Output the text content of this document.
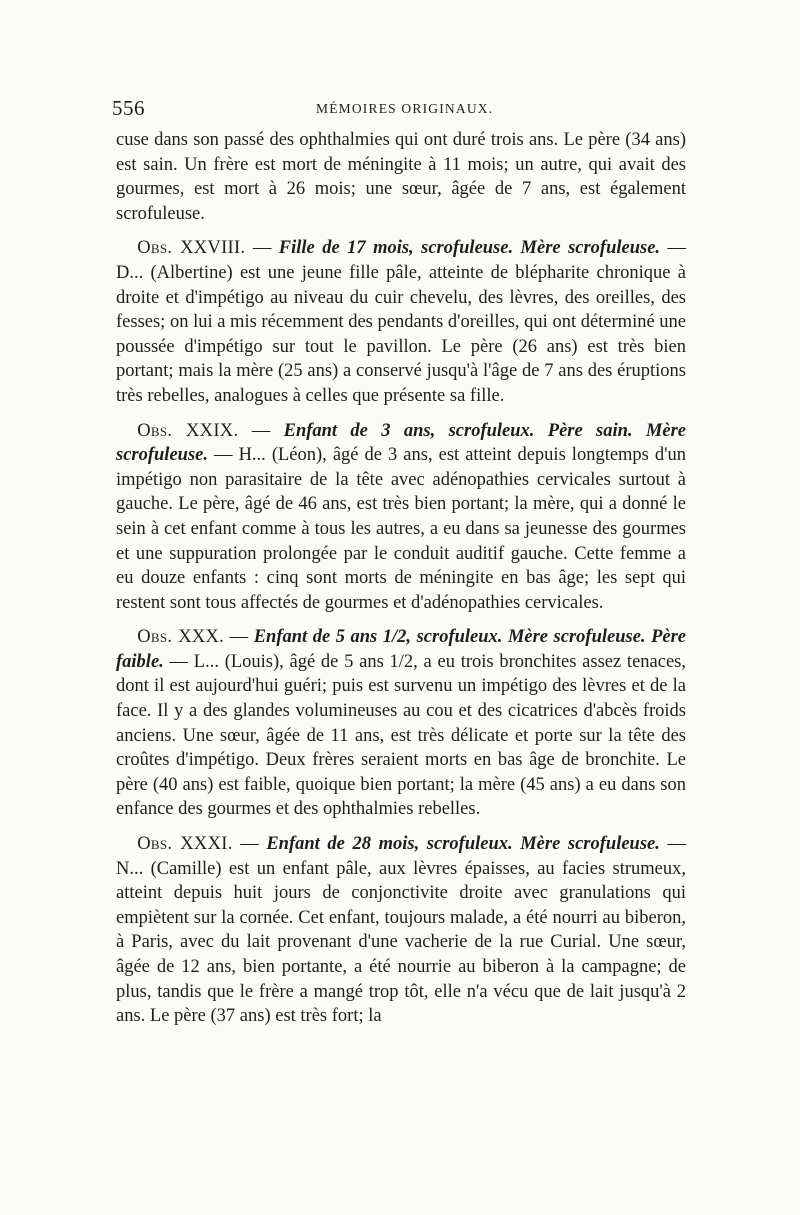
556	MÉMOIRES ORIGINAUX.

cuse dans son passé des ophthalmies qui ont duré trois ans. Le père (34 ans) est sain. Un frère est mort de méningite à 11 mois; un autre, qui avait des gourmes, est mort à 26 mois; une sœur, âgée de 7 ans, est également scrofuleuse.

Obs. XXVIII. — Fille de 17 mois, scrofuleuse. Mère scrofuleuse. — D... (Albertine) est une jeune fille pâle, atteinte de blépharite chronique à droite et d'impétigo au niveau du cuir chevelu, des lèvres, des oreilles, des fesses; on lui a mis récemment des pendants d'oreilles, qui ont déterminé une poussée d'impétigo sur tout le pavillon. Le père (26 ans) est très bien portant; mais la mère (25 ans) a conservé jusqu'à l'âge de 7 ans des éruptions très rebelles, analogues à celles que présente sa fille.

Obs. XXIX. — Enfant de 3 ans, scrofuleux. Père sain. Mère scrofuleuse. — H... (Léon), âgé de 3 ans, est atteint depuis longtemps d'un impétigo non parasitaire de la tête avec adénopathies cervicales surtout à gauche. Le père, âgé de 46 ans, est très bien portant; la mère, qui a donné le sein à cet enfant comme à tous les autres, a eu dans sa jeunesse des gourmes et une suppuration prolongée par le conduit auditif gauche. Cette femme a eu douze enfants : cinq sont morts de méningite en bas âge; les sept qui restent sont tous affectés de gourmes et d'adénopathies cervicales.

Obs. XXX. — Enfant de 5 ans 1/2, scrofuleux. Mère scrofuleuse. Père faible. — L... (Louis), âgé de 5 ans 1/2, a eu trois bronchites assez tenaces, dont il est aujourd'hui guéri; puis est survenu un impétigo des lèvres et de la face. Il y a des glandes volumineuses au cou et des cicatrices d'abcès froids anciens. Une sœur, âgée de 11 ans, est très délicate et porte sur la tête des croûtes d'impétigo. Deux frères seraient morts en bas âge de bronchite. Le père (40 ans) est faible, quoique bien portant; la mère (45 ans) a eu dans son enfance des gourmes et des ophthalmies rebelles.

Obs. XXXI. — Enfant de 28 mois, scrofuleux. Mère scrofuleuse. — N... (Camille) est un enfant pâle, aux lèvres épaisses, au facies strumeux, atteint depuis huit jours de conjonctivite droite avec granulations qui empiètent sur la cornée. Cet enfant, toujours malade, a été nourri au biberon, à Paris, avec du lait provenant d'une vacherie de la rue Curial. Une sœur, âgée de 12 ans, bien portante, a été nourrie au biberon à la campagne; de plus, tandis que le frère a mangé trop tôt, elle n'a vécu que de lait jusqu'à 2 ans. Le père (37 ans) est très fort; la
